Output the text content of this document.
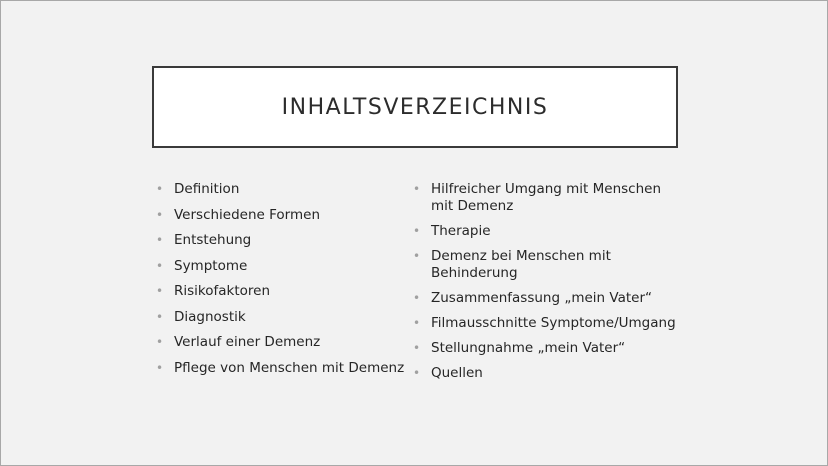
INHALTSVERZEICHNIS
• Definition
• Verschiedene Formen
• Entstehung
• Symptome
• Risikofaktoren
• Diagnostik
• Verlauf einer Demenz
• Pflege von Menschen mit Demenz
• Hilfreicher Umgang mit Menschen mit Demenz
• Therapie
• Demenz bei Menschen mit Behinderung
• Zusammenfassung „mein Vater“
• Filmausschnitte Symptome/Umgang
• Stellungnahme „mein Vater“
• Quellen
